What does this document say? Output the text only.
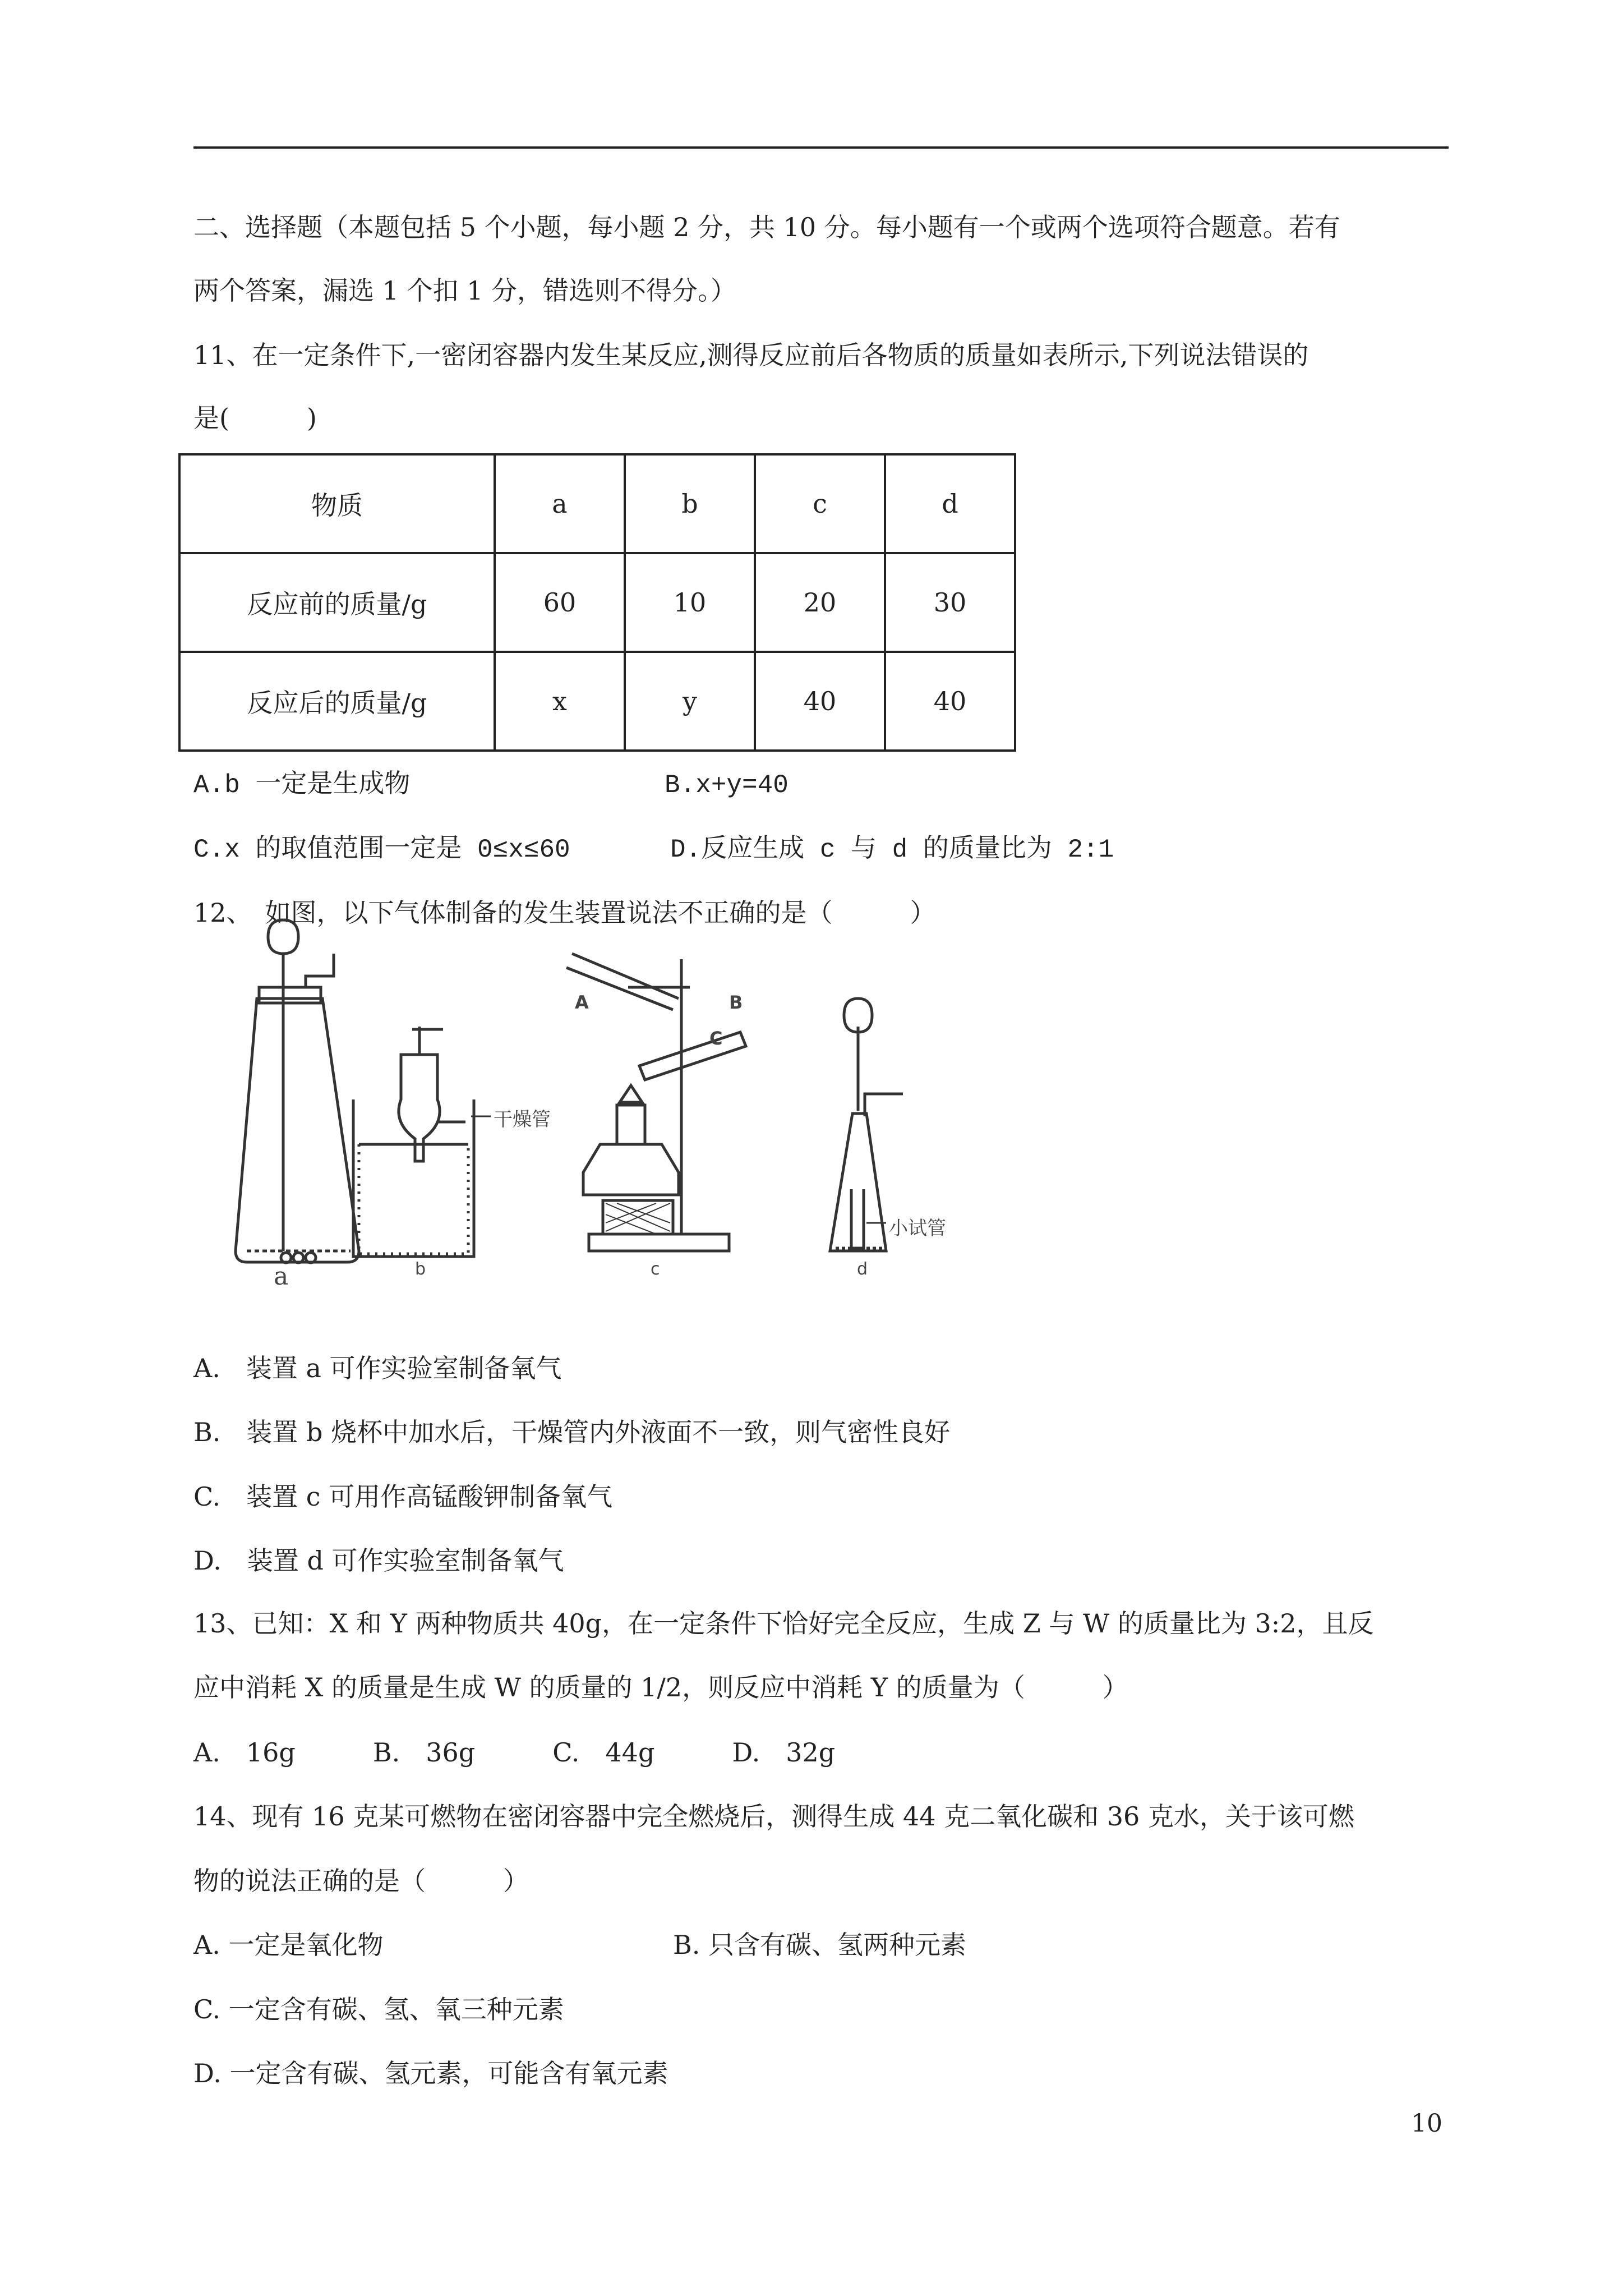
二、选择题（本题包括 5 个小题，每小题 2 分，共 10 分。每小题有一个或两个选项符合题意。若有
两个答案，漏选 1 个扣 1 分，错选则不得分。）
11、在一定条件下,一密闭容器内发生某反应,测得反应前后各物质的质量如表所示,下列说法错误的
是(　　　)
物质	a	b	c	d
反应前的质量/g	60	10	20	30
反应后的质量/g	x	y	40	40
A.b 一定是生成物	B.x+y=40
C.x 的取值范围一定是 0≤x≤60	D.反应生成 c 与 d 的质量比为 2:1
12、　如图，以下气体制备的发生装置说法不正确的是（　　　）
a	b	c	d
A	B
C
干燥管
小试管
A.　装置 a 可作实验室制备氧气
B.　装置 b 烧杯中加水后，干燥管内外液面不一致，则气密性良好
C.　装置 c 可用作高锰酸钾制备氧气
D.　装置 d 可作实验室制备氧气
13、已知：X 和 Y 两种物质共 40g，在一定条件下恰好完全反应，生成 Z 与 W 的质量比为 3:2，且反
应中消耗 X 的质量是生成 W 的质量的 1/2，则反应中消耗 Y 的质量为（　　　）
A.　16g　　　B.　36g　　　C.　44g　　　D.　32g
14、现有 16 克某可燃物在密闭容器中完全燃烧后，测得生成 44 克二氧化碳和 36 克水，关于该可燃
物的说法正确的是（　　　）
A. 一定是氧化物	B. 只含有碳、氢两种元素
C. 一定含有碳、氢、氧三种元素
D. 一定含有碳、氢元素，可能含有氧元素
10
